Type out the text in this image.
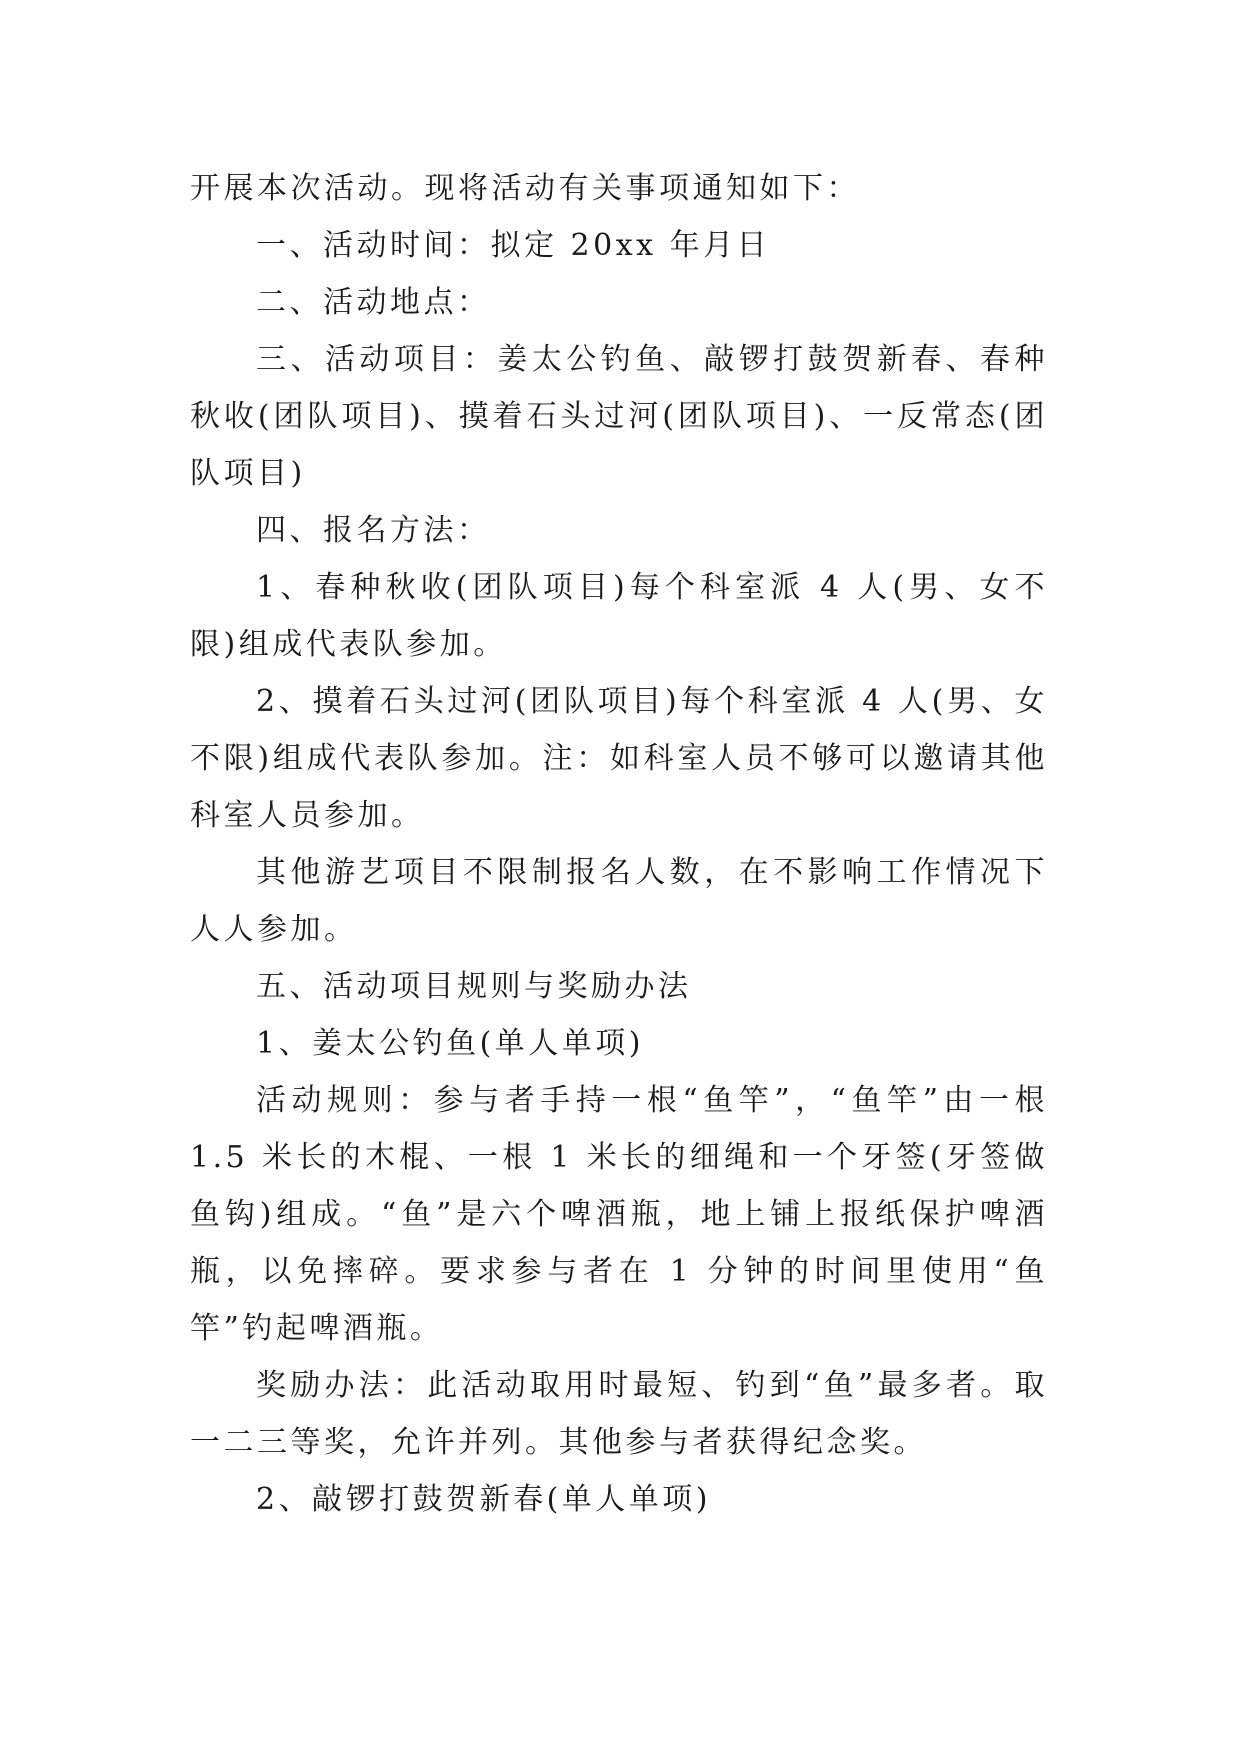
开展本次活动。现将活动有关事项通知如下：

一、活动时间：拟定 20xx 年月日

二、活动地点：

三、活动项目：姜太公钓鱼、敲锣打鼓贺新春、春种秋收(团队项目)、摸着石头过河(团队项目)、一反常态(团队项目)

四、报名方法：

1、春种秋收(团队项目)每个科室派 4 人(男、女不限)组成代表队参加。

2、摸着石头过河(团队项目)每个科室派 4 人(男、女不限)组成代表队参加。注：如科室人员不够可以邀请其他科室人员参加。

其他游艺项目不限制报名人数，在不影响工作情况下人人参加。

五、活动项目规则与奖励办法

1、姜太公钓鱼(单人单项)

活动规则：参与者手持一根“鱼竿”，“鱼竿”由一根 1.5 米长的木棍、一根 1 米长的细绳和一个牙签(牙签做鱼钩)组成。“鱼”是六个啤酒瓶，地上铺上报纸保护啤酒瓶，以免摔碎。要求参与者在 1 分钟的时间里使用“鱼竿”钓起啤酒瓶。

奖励办法：此活动取用时最短、钓到“鱼”最多者。取一二三等奖，允许并列。其他参与者获得纪念奖。

2、敲锣打鼓贺新春(单人单项)
